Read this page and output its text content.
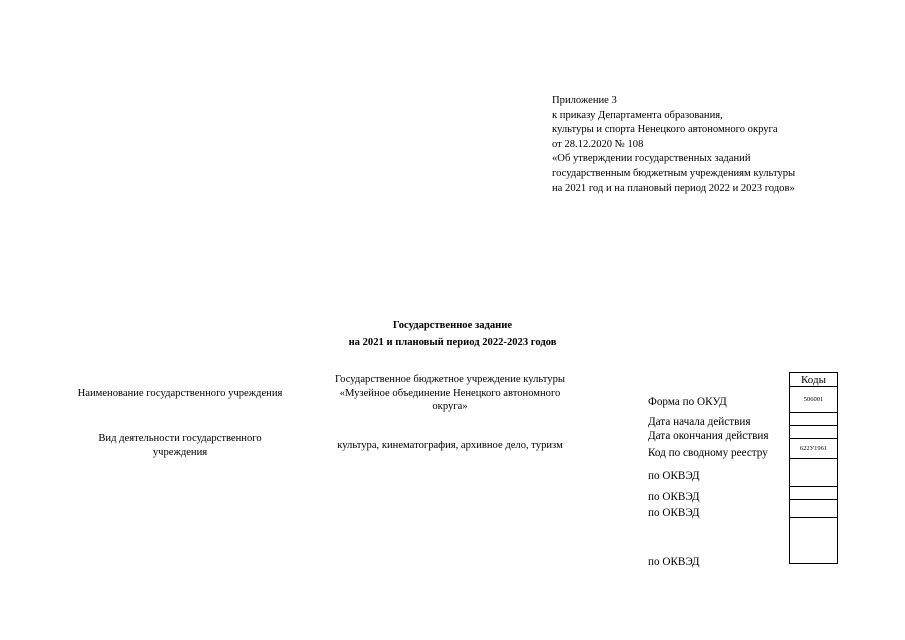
Приложение 3
к приказу Департамента образования,
культуры и спорта Ненецкого автономного округа
от 28.12.2020 № 108
«Об утверждении государственных заданий
государственным бюджетным учреждениям культуры
на 2021 год и на плановый период 2022 и 2023 годов»
Государственное задание
на 2021 и плановый период 2022-2023 годов
Наименование государственного учреждения
Государственное бюджетное учреждение культуры
«Музейное объединение Ненецкого автономного
округа»
Вид деятельности государственного
учреждения
культура, кинематография, архивное дело, туризм
Форма по ОКУД
Дата начала действия
Дата окончания действия
Код по сводному реестру
по ОКВЭД
по ОКВЭД
по ОКВЭД
по ОКВЭД
Коды
506001
622У1961
